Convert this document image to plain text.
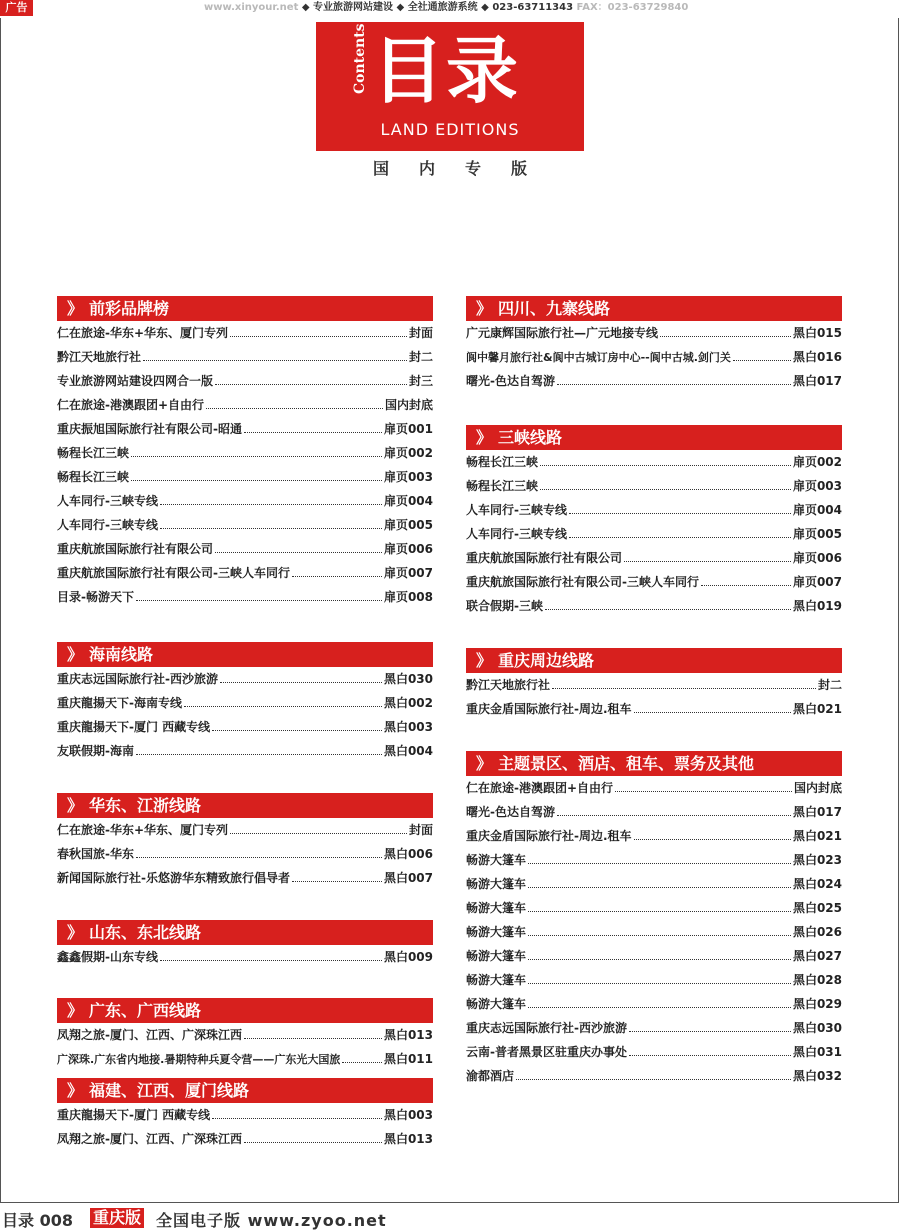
广告	www.xinyour.net ◆ 专业旅游网站建设 ◆ 全社通旅游系统 ◆ 023-63711343 FAX：023-63729840
Contents 目录
LAND EDITIONS
国内专版
》 前彩品牌榜
仁在旅途-华东+华东、厦门专列	封面
黔江天地旅行社	封二
专业旅游网站建设四网合一版	封三
仁在旅途-港澳跟团+自由行	国内封底
重庆振旭国际旅行社有限公司-昭通	扉页001
畅程长江三峡	扉页002
畅程长江三峡	扉页003
人车同行-三峡专线	扉页004
人车同行-三峡专线	扉页005
重庆航旅国际旅行社有限公司	扉页006
重庆航旅国际旅行社有限公司-三峡人车同行	扉页007
目录-畅游天下	扉页008
》 海南线路
重庆志远国际旅行社-西沙旅游	黑白030
重庆龍揚天下-海南专线	黑白002
重庆龍揚天下-厦门 西藏专线	黑白003
友联假期-海南	黑白004
》 华东、江浙线路
仁在旅途-华东+华东、厦门专列	封面
春秋国旅-华东	黑白006
新闻国际旅行社-乐悠游华东精致旅行倡导者	黑白007
》 山东、东北线路
鑫鑫假期-山东专线	黑白009
》 广东、广西线路
凤翔之旅-厦门、江西、广深珠江西	黑白013
广深珠.广东省内地接.暑期特种兵夏令营——广东光大国旅	黑白011
》 福建、江西、厦门线路
重庆龍揚天下-厦门 西藏专线	黑白003
凤翔之旅-厦门、江西、广深珠江西	黑白013
》 四川、九寨线路
广元康辉国际旅行社—广元地接专线	黑白015
阆中馨月旅行社&阆中古城订房中心--阆中古城.剑门关	黑白016
曙光-色达自驾游	黑白017
》 三峡线路
畅程长江三峡	扉页002
畅程长江三峡	扉页003
人车同行-三峡专线	扉页004
人车同行-三峡专线	扉页005
重庆航旅国际旅行社有限公司	扉页006
重庆航旅国际旅行社有限公司-三峡人车同行	扉页007
联合假期-三峡	黑白019
》 重庆周边线路
黔江天地旅行社	封二
重庆金盾国际旅行社-周边.租车	黑白021
》 主题景区、酒店、租车、票务及其他
仁在旅途-港澳跟团+自由行	国内封底
曙光-色达自驾游	黑白017
重庆金盾国际旅行社-周边.租车	黑白021
畅游大篷车	黑白023
畅游大篷车	黑白024
畅游大篷车	黑白025
畅游大篷车	黑白026
畅游大篷车	黑白027
畅游大篷车	黑白028
畅游大篷车	黑白029
重庆志远国际旅行社-西沙旅游	黑白030
云南-普者黑景区驻重庆办事处	黑白031
渝都酒店	黑白032
目录 008 重庆版 全国电子版 www.zyoo.net
